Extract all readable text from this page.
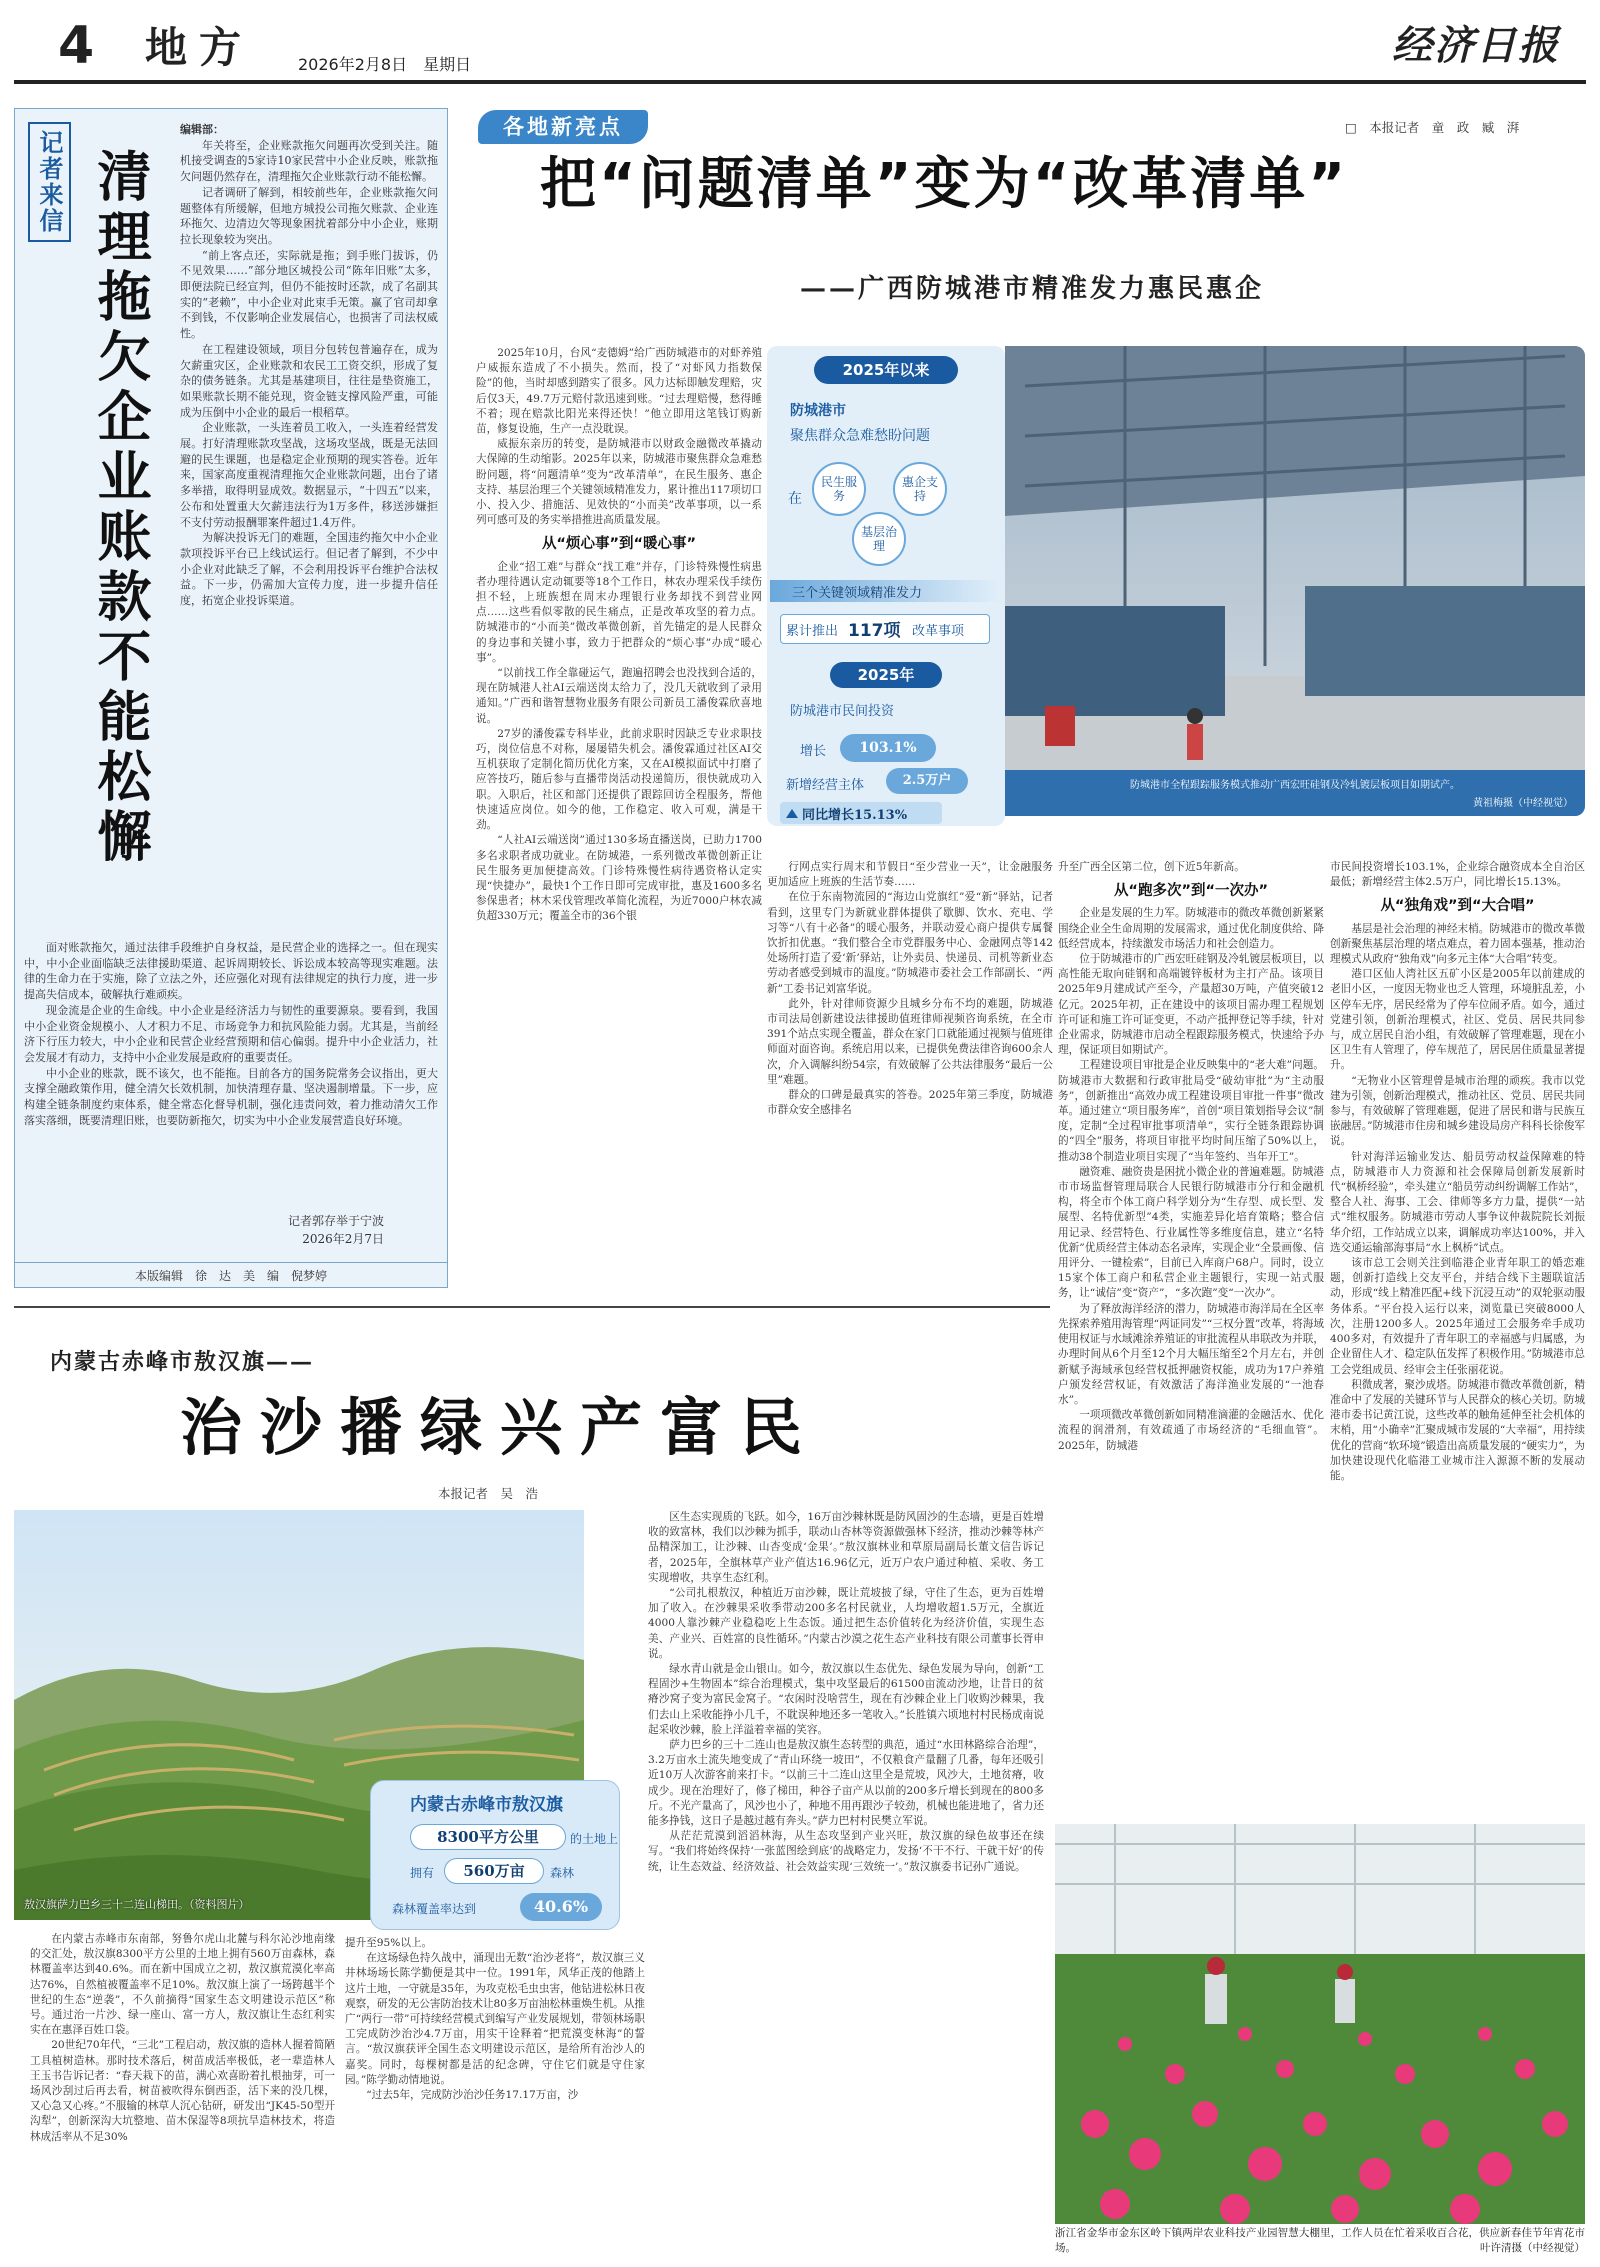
4 地方	2026年2月8日　星期日	经济日报
记者来信 清理拖欠企业账款不能松懈
编辑部：

年关将至，企业账款拖欠问题再次受到关注。随机接受调查的5家诗10家民营中小企业反映，账款拖欠问题仍然存在，清理拖欠企业账款行动不能松懈。

记者调研了解到，相较前些年，企业账款拖欠问题整体有所缓解，但地方城投公司拖欠账款、企业连环拖欠、边清边欠等现象困扰着部分中小企业，账期拉长现象较为突出。

“前上客点还，实际就是拖；到手账门拔诉，仍不见效果……”部分地区城投公司“陈年旧账”太多，即便法院已经宣判，但仍不能按时还款，成了名副其实的“老赖”，中小企业对此束手无策。赢了官司却拿不到钱，不仅影响企业发展信心，也损害了司法权威性。

在工程建设领域，项目分包转包普遍存在，成为欠薪重灾区，企业账款和农民工工资交织，形成了复杂的债务链条。尤其是基建项目，往往是垫资施工，如果账款长期不能兑现，资金链支撑风险严重，可能成为压倒中小企业的最后一根稻草。

企业账款，一头连着员工收入，一头连着经营发展。打好清理账款攻坚战，这场攻坚战，既是无法回避的民生课题，也是稳定企业预期的现实答卷。近年来，国家高度重视清理拖欠企业账款问题，出台了诸多举措，取得明显成效。数据显示，“十四五”以来，公布和处置重大欠薪违法行为1万多件，移送涉嫌拒不支付劳动报酬罪案件超过1.4万件。

为解决投诉无门的难题，全国违约拖欠中小企业款项投诉平台已上线试运行。但记者了解到，不少中小企业对此缺乏了解，不会利用投诉平台维护合法权益。下一步，仍需加大宣传力度，进一步提升信任度，拓宽企业投诉渠道。

面对账款拖欠，通过法律手段维护自身权益，是民营企业的选择之一。但在现实中，中小企业面临缺乏法律援助渠道、起诉周期较长、诉讼成本较高等现实难题。法律的生命力在于实施，除了立法之外，还应强化对现有法律规定的执行力度，进一步提高失信成本，破解执行难顽疾。

现金流是企业的生命线。中小企业是经济活力与韧性的重要源泉。要看到，我国中小企业资金规模小、人才积力不足、市场竞争力和抗风险能力弱。尤其是，当前经济下行压力较大，中小企业和民营企业经营预期和信心偏弱。提升中小企业活力，社会发展才有动力，支持中小企业发展是政府的重要责任。

中小企业的账款，既不该欠，也不能拖。目前各方的国务院常务会议指出，更大支撑全融政策作用，健全清欠长效机制，加快清理存量、坚决遏制增量。下一步，应构建全链条制度约束体系，健全常态化督导机制，强化违责问效，着力推动清欠工作落实落细，既要清理旧账，也要防新拖欠，切实为中小企业发展营造良好环境。

记者郭存举于宁波
2026年2月7日
本版编辑　徐　达　美　编　倪梦婷
各地新亮点	□　本报记者　童　政　臧　湃
把“问题清单”变为“改革清单”
——广西防城港市精准发力惠民惠企
2025年以来
防城港市
聚焦群众急难愁盼问题
在
民生服务
惠企支持
基层治理
三个关键领域精准发力
累计推出 117项 改革事项
2025年
防城港市民间投资
增长	103.1%
新增经营主体	2.5万户
同比增长15.13%
防城港市全程跟踪服务模式推动广西宏旺硅钢及冷轧镀层板项目如期试产。
黄祖梅摄（中经视觉）

2025年10月，台风“麦德姆”给广西防城港市的对虾养殖户威振东造成了不小损失。然而，投了“对虾风力指数保险”的他，当时却感到踏实了很多。风力达标即触发理赔，灾后仅3天，49.7万元赔付款迅速到账。“过去理赔慢，愁得睡不着；现在赔款比阳光来得还快！”他立即用这笔钱订购新苗，修复设施，生产一点没耽误。

威振东亲历的转变，是防城港市以财政金融微改革撬动大保障的生动缩影。2025年以来，防城港市聚焦群众急难愁盼问题，将“问题清单”变为“改革清单”，在民生服务、惠企支持、基层治理三个关键领域精准发力，累计推出117项切口小、投入少、措施活、见效快的“小而美”改革事项，以一系列可感可及的务实举措推进高质量发展。

从“烦心事”到“暖心事”

企业“招工难”与群众“找工难”并存，门诊特殊慢性病患者办理待遇认定动辄要等18个工作日，林农办理采伐手续伤担不轻，上班族想在周末办理银行业务却找不到营业网点……这些看似零散的民生痛点，正是改革攻坚的着力点。防城港市的“小而美”微改革微创新，首先锚定的是人民群众的身边事和关键小事，致力于把群众的“烦心事”办成“暖心事”。

“以前找工作全靠碰运气，跑遍招聘会也没找到合适的，现在防城港人社AI云端送岗太给力了，没几天就收到了录用通知。”广西和谐智慧物业服务有限公司新员工潘俊霖欣喜地说。

27岁的潘俊霖专科毕业，此前求职时因缺乏专业求职技巧，岗位信息不对称，屡屡错失机会。潘俊霖通过社区AI交互机获取了定制化简历优化方案，又在AI模拟面试中打磨了应答技巧，随后参与直播带岗活动投递简历，很快就成功入职。入职后，社区和部门还提供了跟踪回访全程服务，帮他快速适应岗位。如今的他，工作稳定、收入可观，满是干劲。

“人社AI云端送岗”通过130多场直播送岗，已助力1700多名求职者成功就业。在防城港，一系列微改革微创新正让民生服务更加便捷高效。门诊特殊慢性病待遇资格认定实现“快捷办”，最快1个工作日即可完成审批，惠及1600多名参保患者；林木采伐管理改革简化流程，为近7000户林农减负超330万元；覆盖全市的36个银

行网点实行周末和节假日“至少营业一天”，让金融服务更加适应上班族的生活节奏……

在位于东南物流园的“海边山党旗红”爱“新”驿站，记者看到，这里专门为新就业群体提供了歇脚、饮水、充电、学习等“八有十必备”的暖心服务，并联动爱心商户提供专属餐饮折扣优惠。“我们整合全市党群服务中心、金融网点等142处场所打造了爱‘新’驿站，让外卖员、快递员、司机等新业态劳动者感受到城市的温度。”防城港市委社会工作部副长、“两新”工委书记刘富华说。

此外，针对律师资源少且城乡分布不均的难题，防城港市司法局创新建设法律援助值班律师视频咨询系统，在全市391个站点实现全覆盖，群众在家门口就能通过视频与值班律师面对面咨询。系统启用以来，已提供免费法律咨询600余人次，介入调解纠纷54宗，有效破解了公共法律服务“最后一公里”难题。

群众的口碑是最真实的答卷。2025年第三季度，防城港市群众安全感排名

升至广西全区第二位，创下近5年新高。

从“跑多次”到“一次办”

企业是发展的生力军。防城港市的微改革微创新紧紧围绕企业全生命周期的发展需求，通过优化制度供给、降低经营成本，持续激发市场活力和社会创造力。

位于防城港市的广西宏旺硅钢及冷轧镀层板项目，以高性能无取向硅钢和高端镀锌板材为主打产品。该项目2025年9月建成试产至今，产量超30万吨，产值突破12亿元。2025年初，正在建设中的该项目需办理工程规划许可证和施工许可证变更，不动产抵押登记等手续，针对企业需求，防城港市启动全程跟踪服务模式，快速给予办理，保证项目如期试产。

工程建设项目审批是企业反映集中的“老大难”问题。防城港市大数据和行政审批局受“破幼审批”为“主动服务”，创新推出“高效办成工程建设项目审批一件事”微改革。通过建立“项目服务库”，首创“项目策划指导会议”制度，定制“全过程审批事项清单”，实行全链条跟踪协调的“四全”服务，将项目审批平均时间压缩了50%以上，推动38个制造业项目实现了“当年签约、当年开工”。

融资难、融资贵是困扰小微企业的普遍难题。防城港市市场监督管理局联合人民银行防城港市分行和金融机构，将全市个体工商户科学划分为“生存型、成长型、发展型、名特优新型”4类，实施差异化培育策略；整合信用记录、经营特色、行业属性等多维度信息，建立“名特优新”优质经营主体动态名录库，实现企业“全景画像、信用评分、一键检索”，目前已入库商户68户。同时，设立15家个体工商户和私营企业主题银行，实现一站式服务，让“诚信”变“资产”，“多次跑”变“一次办”。

为了释放海洋经济的潜力，防城港市海洋局在全区率先探索养殖用海管理“两证同发”“三权分置”改革，将海域使用权证与水域滩涂养殖证的审批流程从串联改为并联，办理时间从6个月至12个月大幅压缩至2个月左右，并创新赋予海域承包经营权抵押融资权能，成功为17户养殖户颁发经营权证，有效激活了海洋渔业发展的“一池春水”。

一项项微改革微创新如同精准滴灌的金融活水、优化流程的润滑剂，有效疏通了市场经济的“毛细血管”。2025年，防城港

市民间投资增长103.1%，企业综合融资成本全自治区最低；新增经营主体2.5万户，同比增长15.13%。

从“独角戏”到“大合唱”

基层是社会治理的神经末梢。防城港市的微改革微创新聚焦基层治理的堵点难点，着力固本强基，推动治理模式从政府“独角戏”向多元主体“大合唱”转变。

港口区仙人湾社区五矿小区是2005年以前建成的老旧小区，一度因无物业也乏人管理，环境脏乱差，小区停车无序，居民经常为了停车位闹矛盾。如今，通过党建引领，创新治理模式，社区、党员、居民共同参与，成立居民自治小组，有效破解了管理难题，现在小区卫生有人管理了，停车规范了，居民居住质量显著提升。

“无物业小区管理曾是城市治理的顽疾。我市以党建为引领，创新治理模式，推动社区、党员、居民共同参与，有效破解了管理难题，促进了居民和谐与民族互嵌融居。”防城港市住房和城乡建设局房产科科长徐俊军说。

针对海洋运输业发达、船员劳动权益保障难的特点，防城港市人力资源和社会保障局创新发展新时代“枫桥经验”，牵头建立“船员劳动纠纷调解工作站”，整合人社、海事、工会、律师等多方力量，提供“一站式”维权服务。防城港市劳动人事争议仲裁院院长刘振华介绍，工作站成立以来，调解成功率达100%，并入选交通运输部海事局“水上枫桥”试点。

该市总工会则关注到临港企业青年职工的婚恋难题，创新打造线上交友平台，并结合线下主题联谊活动，形成“线上精准匹配+线下沉浸互动”的双轮驱动服务体系。“平台投入运行以来，浏览量已突破8000人次，注册1200多人。2025年通过工会服务牵手成功400多对，有效提升了青年职工的幸福感与归属感，为企业留住人才、稳定队伍发挥了积极作用。”防城港市总工会党组成员、经审会主任张丽花说。

积微成著，聚沙成塔。防城港市微改革微创新，精准命中了发展的关键环节与人民群众的核心关切。防城港市委书记黄江说，这些改革的触角延伸至社会机体的末梢，用“小确幸”汇聚成城市发展的“大幸福”，用持续优化的营商“软环境”锻造出高质量发展的“硬实力”，为加快建设现代化临港工业城市注入源源不断的发展动能。

内蒙古赤峰市敖汉旗——
治沙播绿兴产富民
本报记者　吴　浩
敖汉旗萨力巴乡三十二连山梯田。（资料图片）
内蒙古赤峰市敖汉旗
8300平方公里	的土地上
拥有	560万亩	森林
森林覆盖率达到	40.6%

在内蒙古赤峰市东南部，努鲁尔虎山北麓与科尔沁沙地南缘的交汇处，敖汉旗8300平方公里的土地上拥有560万亩森林，森林覆盖率达到40.6%。而在新中国成立之初，敖汉旗荒漠化率高达76%，自然植被覆盖率不足10%。敖汉旗上演了一场跨越半个世纪的生态“逆袭”，不久前摘得“国家生态文明建设示范区”称号。通过治一片沙、绿一座山、富一方人，敖汉旗让生态红利实实在在惠泽百姓口袋。

20世纪70年代，“三北”工程启动，敖汉旗的造林人握着简陋工具植树造林。那时技术落后，树苗成活率极低，老一辈造林人王玉书告诉记者：“春天栽下的苗，满心欢喜盼着扎根抽芽，可一场风沙刮过后再去看，树苗被吹得东倒西歪，活下来的没几棵，又心急又心疼。”不服输的林草人沉心钻研，研发出“JK45-50型开沟犁”，创新深沟大坑整地、苗木保湿等8项抗旱造林技术，将造林成活率从不足30%

提升至95%以上。

在这场绿色持久战中，涌现出无数“治沙老将”，敖汉旗三义井林场场长陈学勤便是其中一位。1991年，风华正茂的他踏上这片土地，一守就是35年，为攻克松毛虫虫害，他钻进松林日夜观察，研发的无公害防治技术让80多万亩油松林重焕生机。从推广“两行一带”可持续经营模式到编写产业发展规划，带领林场职工完成防沙治沙4.7万亩，用实干诠释着“把荒漠变林海”的誓言。“敖汉旗获评全国生态文明建设示范区，是给所有治沙人的嘉奖。同时，每棵树都是活的纪念碑，守住它们就是守住家园。”陈学勤动情地说。

“过去5年，完成防沙治沙任务17.17万亩，沙

区生态实现质的飞跃。如今，16万亩沙棘林既是防风固沙的生态墙，更是百姓增收的致富林，我们以沙棘为抓手，联动山杏林等资源做强林下经济，推动沙棘等林产品精深加工，让沙棘、山杏变成‘金果’。”敖汉旗林业和草原局副局长董文信告诉记者，2025年，全旗林草产业产值达16.96亿元，近万户农户通过种植、采收、务工实现增收，共享生态红利。

“公司扎根敖汉，种植近万亩沙棘，既让荒坡披了绿，守住了生态，更为百姓增加了收入。在沙棘果采收季带动200多名村民就业，人均增收超1.5万元，全旗近4000人靠沙棘产业稳稳吃上生态饭。通过把生态价值转化为经济价值，实现生态美、产业兴、百姓富的良性循环。”内蒙古沙漠之花生态产业科技有限公司董事长胥申说。

绿水青山就是金山银山。如今，敖汉旗以生态优先、绿色发展为导向，创新“工程固沙+生物固本”综合治理模式，集中攻坚最后的61500亩流动沙地，让昔日的贫瘠沙窝子变为富民金窝子。“农闲时没啥营生，现在有沙棘企业上门收购沙棘果，我们去山上采收能挣小几千，不耽误种地还多一笔收入。”长胜镇六顷地村村民杨成南说起采收沙棘，脸上洋溢着幸福的笑容。

萨力巴乡的三十二连山也是敖汉旗生态转型的典范，通过“水田林路综合治理”，3.2万亩水土流失地变成了“青山环绕一坡田”，不仅粮食产量翻了几番，每年还吸引近10万人次游客前来打卡。“以前三十二连山这里全是荒坡，风沙大，土地贫瘠，收成少。现在治理好了，修了梯田，种谷子亩产从以前的200多斤增长到现在的800多斤。不光产量高了，风沙也小了，种地不用再跟沙子较劲，机械也能进地了，省力还能多挣钱，这日子是越过越有奔头。”萨力巴村村民樊立军说。

从茫茫荒漠到滔滔林海，从生态攻坚到产业兴旺，敖汉旗的绿色故事还在续写。“我们将始终保持‘一张蓝图绘到底’的战略定力，发扬‘不干不行、干就干好’的传统，让生态效益、经济效益、社会效益实现‘三效统一’。”敖汉旗委书记孙广通说。

浙江省金华市金东区岭下镇两岸农业科技产业园智慧大棚里，工作人员在忙着采收百合花，供应新春佳节年宵花市场。	叶许清摄（中经视觉）
